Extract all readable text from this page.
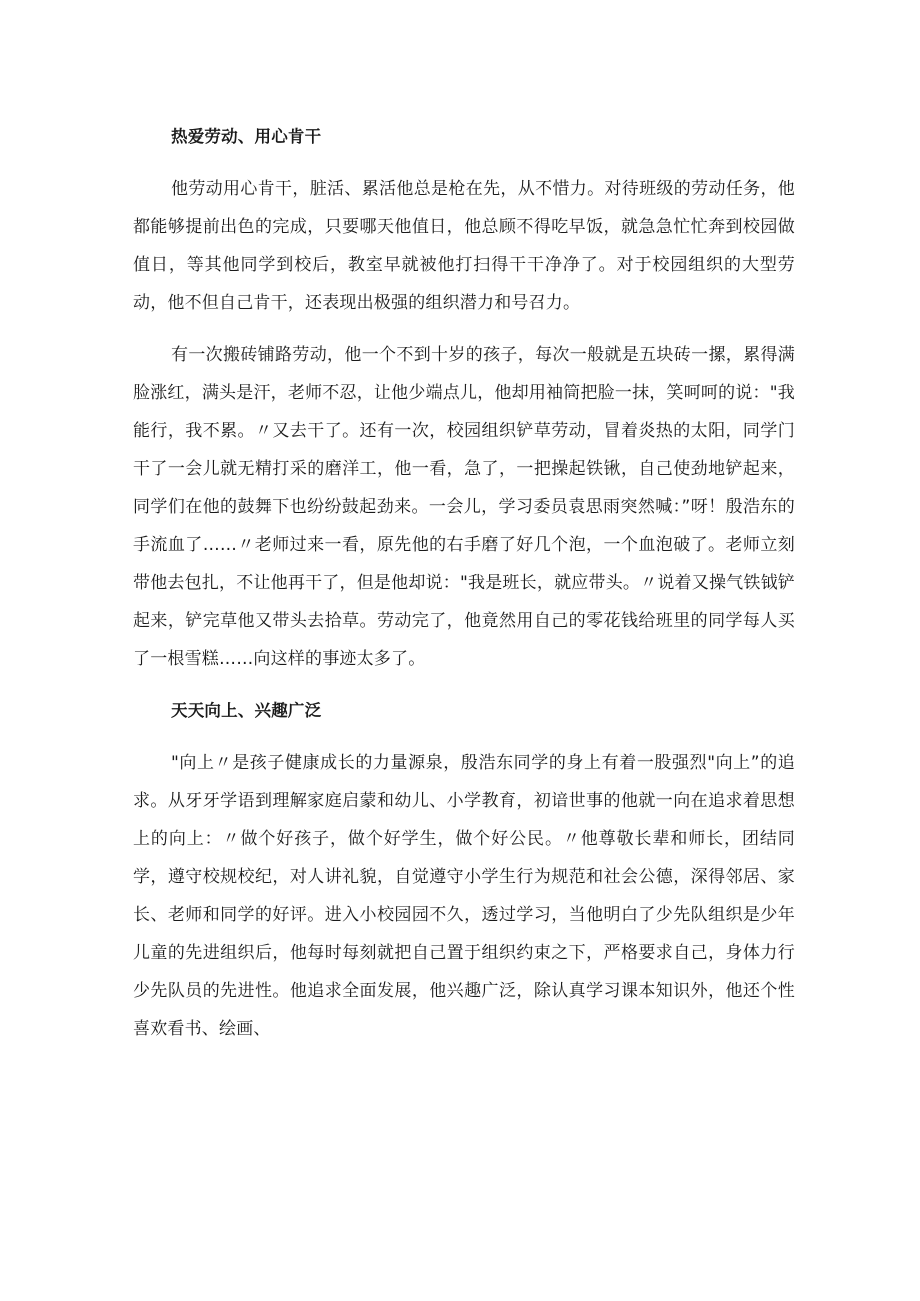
热爱劳动、用心肯干

他劳动用心肯干，脏活、累活他总是枪在先，从不惜力。对待班级的劳动任务，他都能够提前出色的完成，只要哪天他值日，他总顾不得吃早饭，就急急忙忙奔到校园做值日，等其他同学到校后，教室早就被他打扫得干干净净了。对于校园组织的大型劳动，他不但自己肯干，还表现出极强的组织潜力和号召力。

有一次搬砖铺路劳动，他一个不到十岁的孩子，每次一般就是五块砖一摞，累得满脸涨红，满头是汗，老师不忍，让他少端点儿，他却用袖筒把脸一抹，笑呵呵的说："我能行，我不累。〃又去干了。还有一次，校园组织铲草劳动，冒着炎热的太阳，同学门干了一会儿就无精打采的磨洋工，他一看，急了，一把操起铁锹，自己使劲地铲起来，同学们在他的鼓舞下也纷纷鼓起劲来。一会儿，学习委员袁思雨突然喊：”呀！殷浩东的手流血了……〃老师过来一看，原先他的右手磨了好几个泡，一个血泡破了。老师立刻带他去包扎，不让他再干了，但是他却说："我是班长，就应带头。〃说着又操气铁钺铲起来，铲完草他又带头去拾草。劳动完了，他竟然用自己的零花钱给班里的同学每人买了一根雪糕……向这样的事迹太多了。

天天向上、兴趣广泛

"向上〃是孩子健康成长的力量源泉，殷浩东同学的身上有着一股强烈"向上”的追求。从牙牙学语到理解家庭启蒙和幼儿、小学教育，初谙世事的他就一向在追求着思想上的向上：〃做个好孩子，做个好学生，做个好公民。〃他尊敬长辈和师长，团结同学，遵守校规校纪，对人讲礼貌，自觉遵守小学生行为规范和社会公德，深得邻居、家长、老师和同学的好评。进入小校园园不久，透过学习，当他明白了少先队组织是少年儿童的先进组织后，他每时每刻就把自己置于组织约束之下，严格要求自己，身体力行少先队员的先进性。他追求全面发展，他兴趣广泛，除认真学习课本知识外，他还个性喜欢看书、绘画、
